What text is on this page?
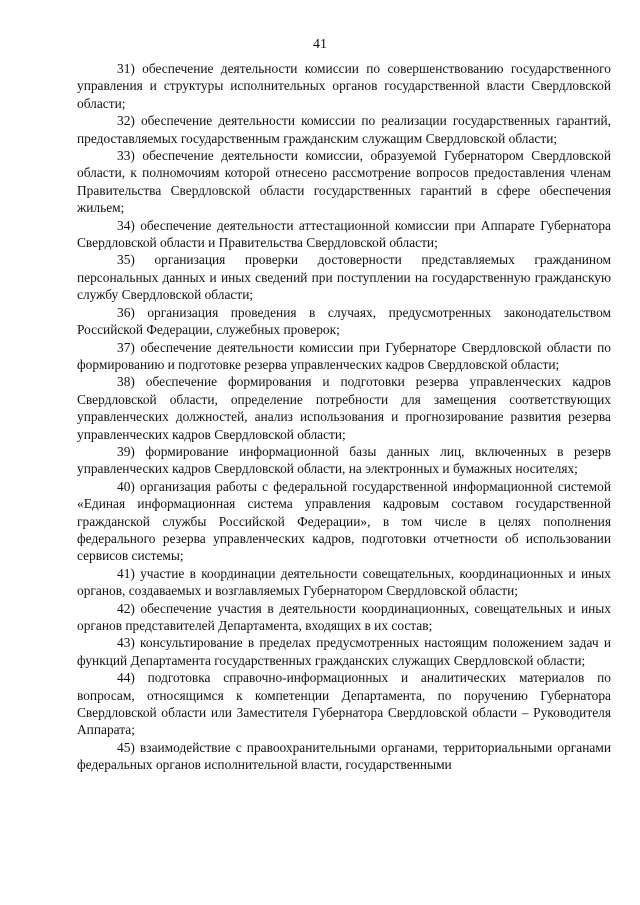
41

31) обеспечение деятельности комиссии по совершенствованию государственного управления и структуры исполнительных органов государственной власти Свердловской области;

32) обеспечение деятельности комиссии по реализации государственных гарантий, предоставляемых государственным гражданским служащим Свердловской области;

33) обеспечение деятельности комиссии, образуемой Губернатором Свердловской области, к полномочиям которой отнесено рассмотрение вопросов предоставления членам Правительства Свердловской области государственных гарантий в сфере обеспечения жильем;

34) обеспечение деятельности аттестационной комиссии при Аппарате Губернатора Свердловской области и Правительства Свердловской области;

35) организация проверки достоверности представляемых гражданином персональных данных и иных сведений при поступлении на государственную гражданскую службу Свердловской области;

36) организация проведения в случаях, предусмотренных законодательством Российской Федерации, служебных проверок;

37) обеспечение деятельности комиссии при Губернаторе Свердловской области по формированию и подготовке резерва управленческих кадров Свердловской области;

38) обеспечение формирования и подготовки резерва управленческих кадров Свердловской области, определение потребности для замещения соответствующих управленческих должностей, анализ использования и прогнозирование развития резерва управленческих кадров Свердловской области;

39) формирование информационной базы данных лиц, включенных в резерв управленческих кадров Свердловской области, на электронных и бумажных носителях;

40) организация работы с федеральной государственной информационной системой «Единая информационная система управления кадровым составом государственной гражданской службы Российской Федерации», в том числе в целях пополнения федерального резерва управленческих кадров, подготовки отчетности об использовании сервисов системы;

41) участие в координации деятельности совещательных, координационных и иных органов, создаваемых и возглавляемых Губернатором Свердловской области;

42) обеспечение участия в деятельности координационных, совещательных и иных органов представителей Департамента, входящих в их состав;

43) консультирование в пределах предусмотренных настоящим положением задач и функций Департамента государственных гражданских служащих Свердловской области;

44) подготовка справочно-информационных и аналитических материалов по вопросам, относящимся к компетенции Департамента, по поручению Губернатора Свердловской области или Заместителя Губернатора Свердловской области – Руководителя Аппарата;

45) взаимодействие с правоохранительными органами, территориальными органами федеральных органов исполнительной власти, государственными
